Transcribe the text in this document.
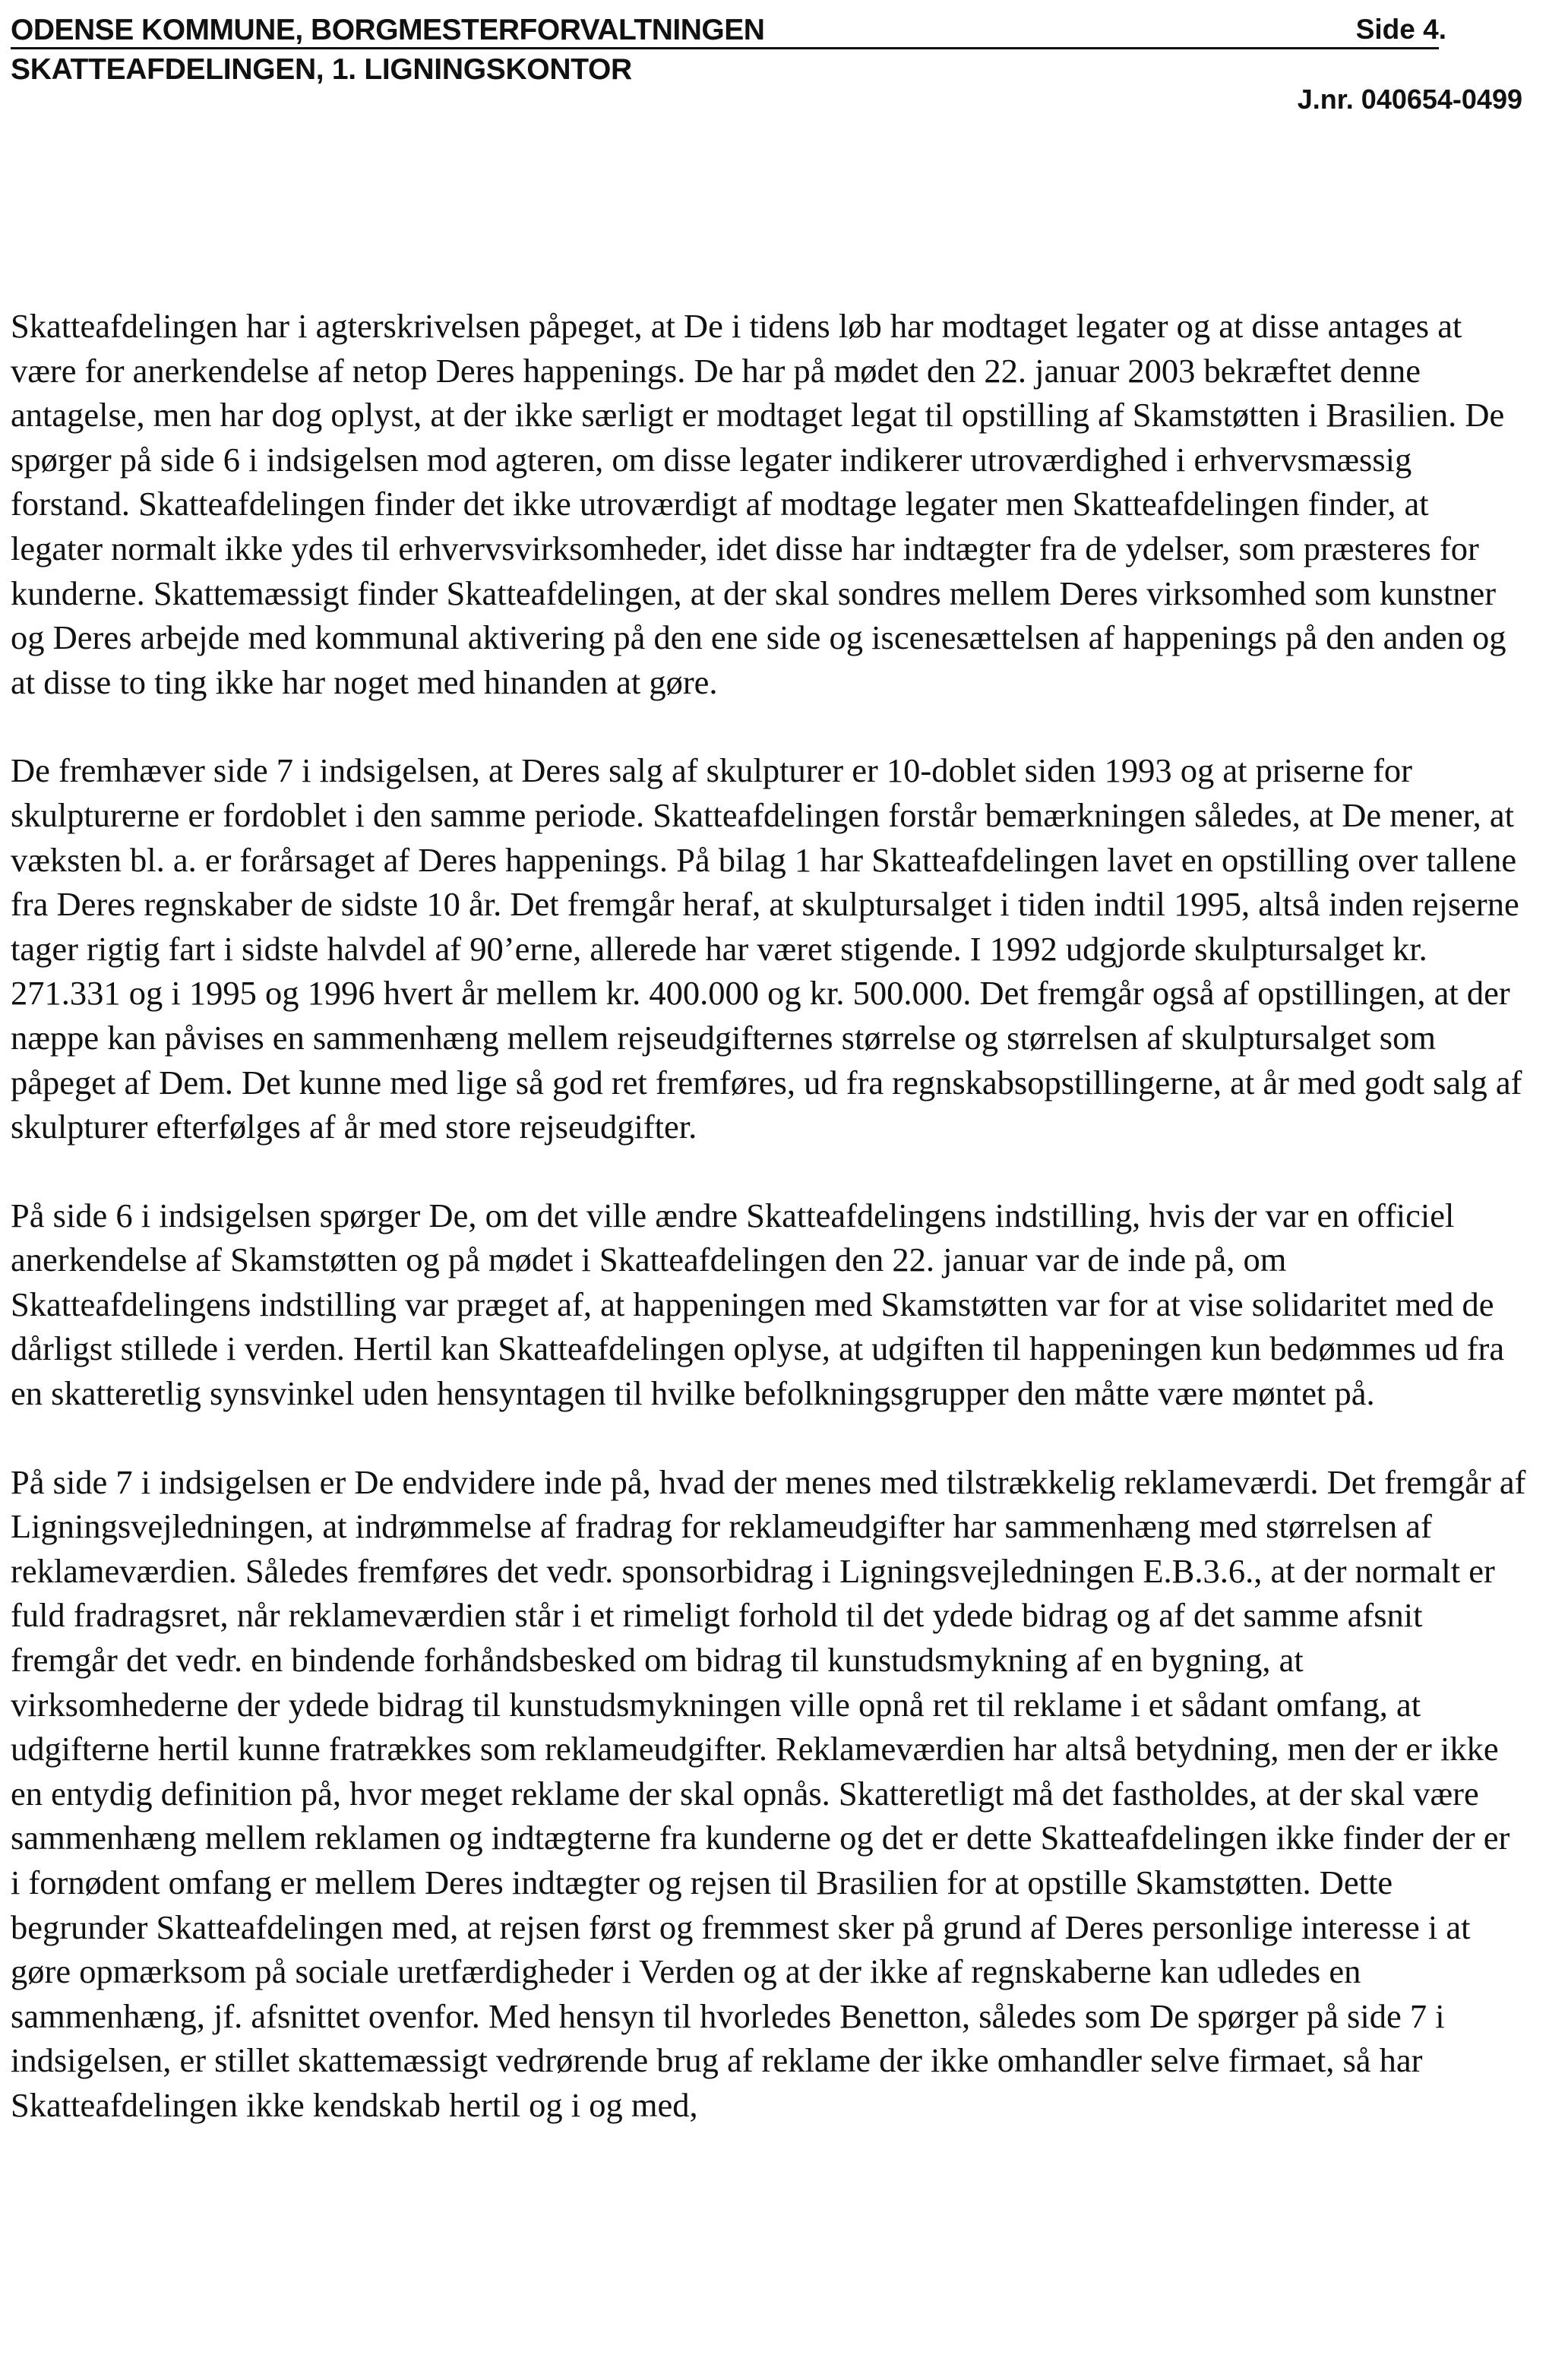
ODENSE KOMMUNE, BORGMESTERFORVALTNINGEN	Side 4.
SKATTEAFDELINGEN, 1. LIGNINGSKONTOR
J.nr. 040654-0499

Skatteafdelingen har i agterskrivelsen påpeget, at De i tidens løb har modtaget legater og at disse antages at være for anerkendelse af netop Deres happenings. De har på mødet den 22. januar 2003 bekræftet denne antagelse, men har dog oplyst, at der ikke særligt er modtaget legat til opstilling af Skamstøtten i Brasilien. De spørger på side 6 i indsigelsen mod agteren, om disse legater indikerer utroværdighed i erhvervsmæssig forstand. Skatteafdelingen finder det ikke utroværdigt af modtage legater men Skatteafdelingen finder, at legater normalt ikke ydes til erhvervsvirksomheder, idet disse har indtægter fra de ydelser, som præsteres for kunderne. Skattemæssigt finder Skatteafdelingen, at der skal sondres mellem Deres virksomhed som kunstner og Deres arbejde med kommunal aktivering på den ene side og iscenesættelsen af happenings på den anden og at disse to ting ikke har noget med hinanden at gøre.

De fremhæver side 7 i indsigelsen, at Deres salg af skulpturer er 10-doblet siden 1993 og at priserne for skulpturerne er fordoblet i den samme periode. Skatteafdelingen forstår bemærkningen således, at De mener, at væksten bl. a. er forårsaget af Deres happenings. På bilag 1 har Skatteafdelingen lavet en opstilling over tallene fra Deres regnskaber de sidste 10 år. Det fremgår heraf, at skulptursalget i tiden indtil 1995, altså inden rejserne tager rigtig fart i sidste halvdel af 90’erne, allerede har været stigende. I 1992 udgjorde skulptursalget kr. 271.331 og i 1995 og 1996 hvert år mellem kr. 400.000 og kr. 500.000. Det fremgår også af opstillingen, at der næppe kan påvises en sammenhæng mellem rejseudgifternes størrelse og størrelsen af skulptursalget som påpeget af Dem. Det kunne med lige så god ret fremføres, ud fra regnskabsopstillingerne, at år med godt salg af skulpturer efterfølges af år med store rejseudgifter.

På side 6 i indsigelsen spørger De, om det ville ændre Skatteafdelingens indstilling, hvis der var en officiel anerkendelse af Skamstøtten og på mødet i Skatteafdelingen den 22. januar var de inde på, om Skatteafdelingens indstilling var præget af, at happeningen med Skamstøtten var for at vise solidaritet med de dårligst stillede i verden. Hertil kan Skatteafdelingen oplyse, at udgiften til happeningen kun bedømmes ud fra en skatteretlig synsvinkel uden hensyntagen til hvilke befolkningsgrupper den måtte være møntet på.

På side 7 i indsigelsen er De endvidere inde på, hvad der menes med tilstrækkelig reklameværdi. Det fremgår af Ligningsvejledningen, at indrømmelse af fradrag for reklameudgifter har sammenhæng med størrelsen af reklameværdien. Således fremføres det vedr. sponsorbidrag i Ligningsvejledningen E.B.3.6., at der normalt er fuld fradragsret, når reklameværdien står i et rimeligt forhold til det ydede bidrag og af det samme afsnit fremgår det vedr. en bindende forhåndsbesked om bidrag til kunstudsmykning af en bygning, at virksomhederne der ydede bidrag til kunstudsmykningen ville opnå ret til reklame i et sådant omfang, at udgifterne hertil kunne fratrækkes som reklameudgifter. Reklameværdien har altså betydning, men der er ikke en entydig definition på, hvor meget reklame der skal opnås. Skatteretligt må det fastholdes, at der skal være sammenhæng mellem reklamen og indtægterne fra kunderne og det er dette Skatteafdelingen ikke finder der er i fornødent omfang er mellem Deres indtægter og rejsen til Brasilien for at opstille Skamstøtten. Dette begrunder Skatteafdelingen med, at rejsen først og fremmest sker på grund af Deres personlige interesse i at gøre opmærksom på sociale uretfærdigheder i Verden og at der ikke af regnskaberne kan udledes en sammenhæng, jf. afsnittet ovenfor. Med hensyn til hvorledes Benetton, således som De spørger på side 7 i indsigelsen, er stillet skattemæssigt vedrørende brug af reklame der ikke omhandler selve firmaet, så har Skatteafdelingen ikke kendskab hertil og i og med,
